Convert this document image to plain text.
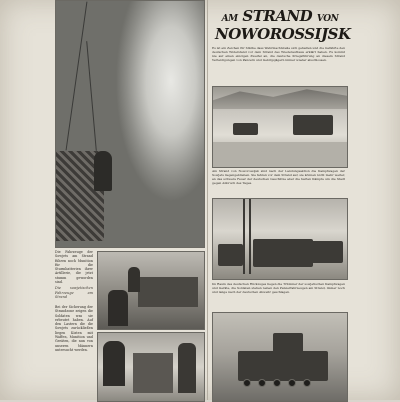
Die Fahrzeuge der Sowjets am Strand führen noch Munition für die Sturmbatterien ihrer Artillerie, die jetzt stumm geworden sind.

Die sowjetischen Fahrzeuge am Strand

Bei der Sicherung der Strandzone zeigen die Soldaten was sie erbeutet haben. Auf den Lastern die die Sowjets zurückließen liegen Kisten mit Waffen, Munition und Geräten, die nun von unseren Männern untersucht werden.

AM STRAND VON
NOWOROSSIJSK
Es ist ein Zeichen für Stärke dass Wehrmachtsteile sich gehalten und die Gefährte den deutschen Widerstand vor dem Strand des Wiederaufbaus erklärt haben. Es kommt nie auf einen einzigen Zweifel an, die deutsche Kriegsführung an diesem Strand Verteidigungen von Panzern und Gebirgsjägern immer wieder abschlossen.
Am Strand von Noworossijsk sind nach der Landungsaktion die Kampfwagen der Sowjets liegengeblieben. Sie fahren vor dem Strand auf, sie können nicht mehr weiter, an das schwere Feuer der deutschen Geschütze aber die harten Kämpfe um die Stadt gegen Anbruch des Tages.
Im Raum des deutschen Rückzuges liegen die Trümmer der sowjetischen Kampfwagen und Geräte, die Soldaten stehen neben den Panzerfahrzeugen am Strand, immer noch und lange nach der deutschen Abwehr geschlagen.
